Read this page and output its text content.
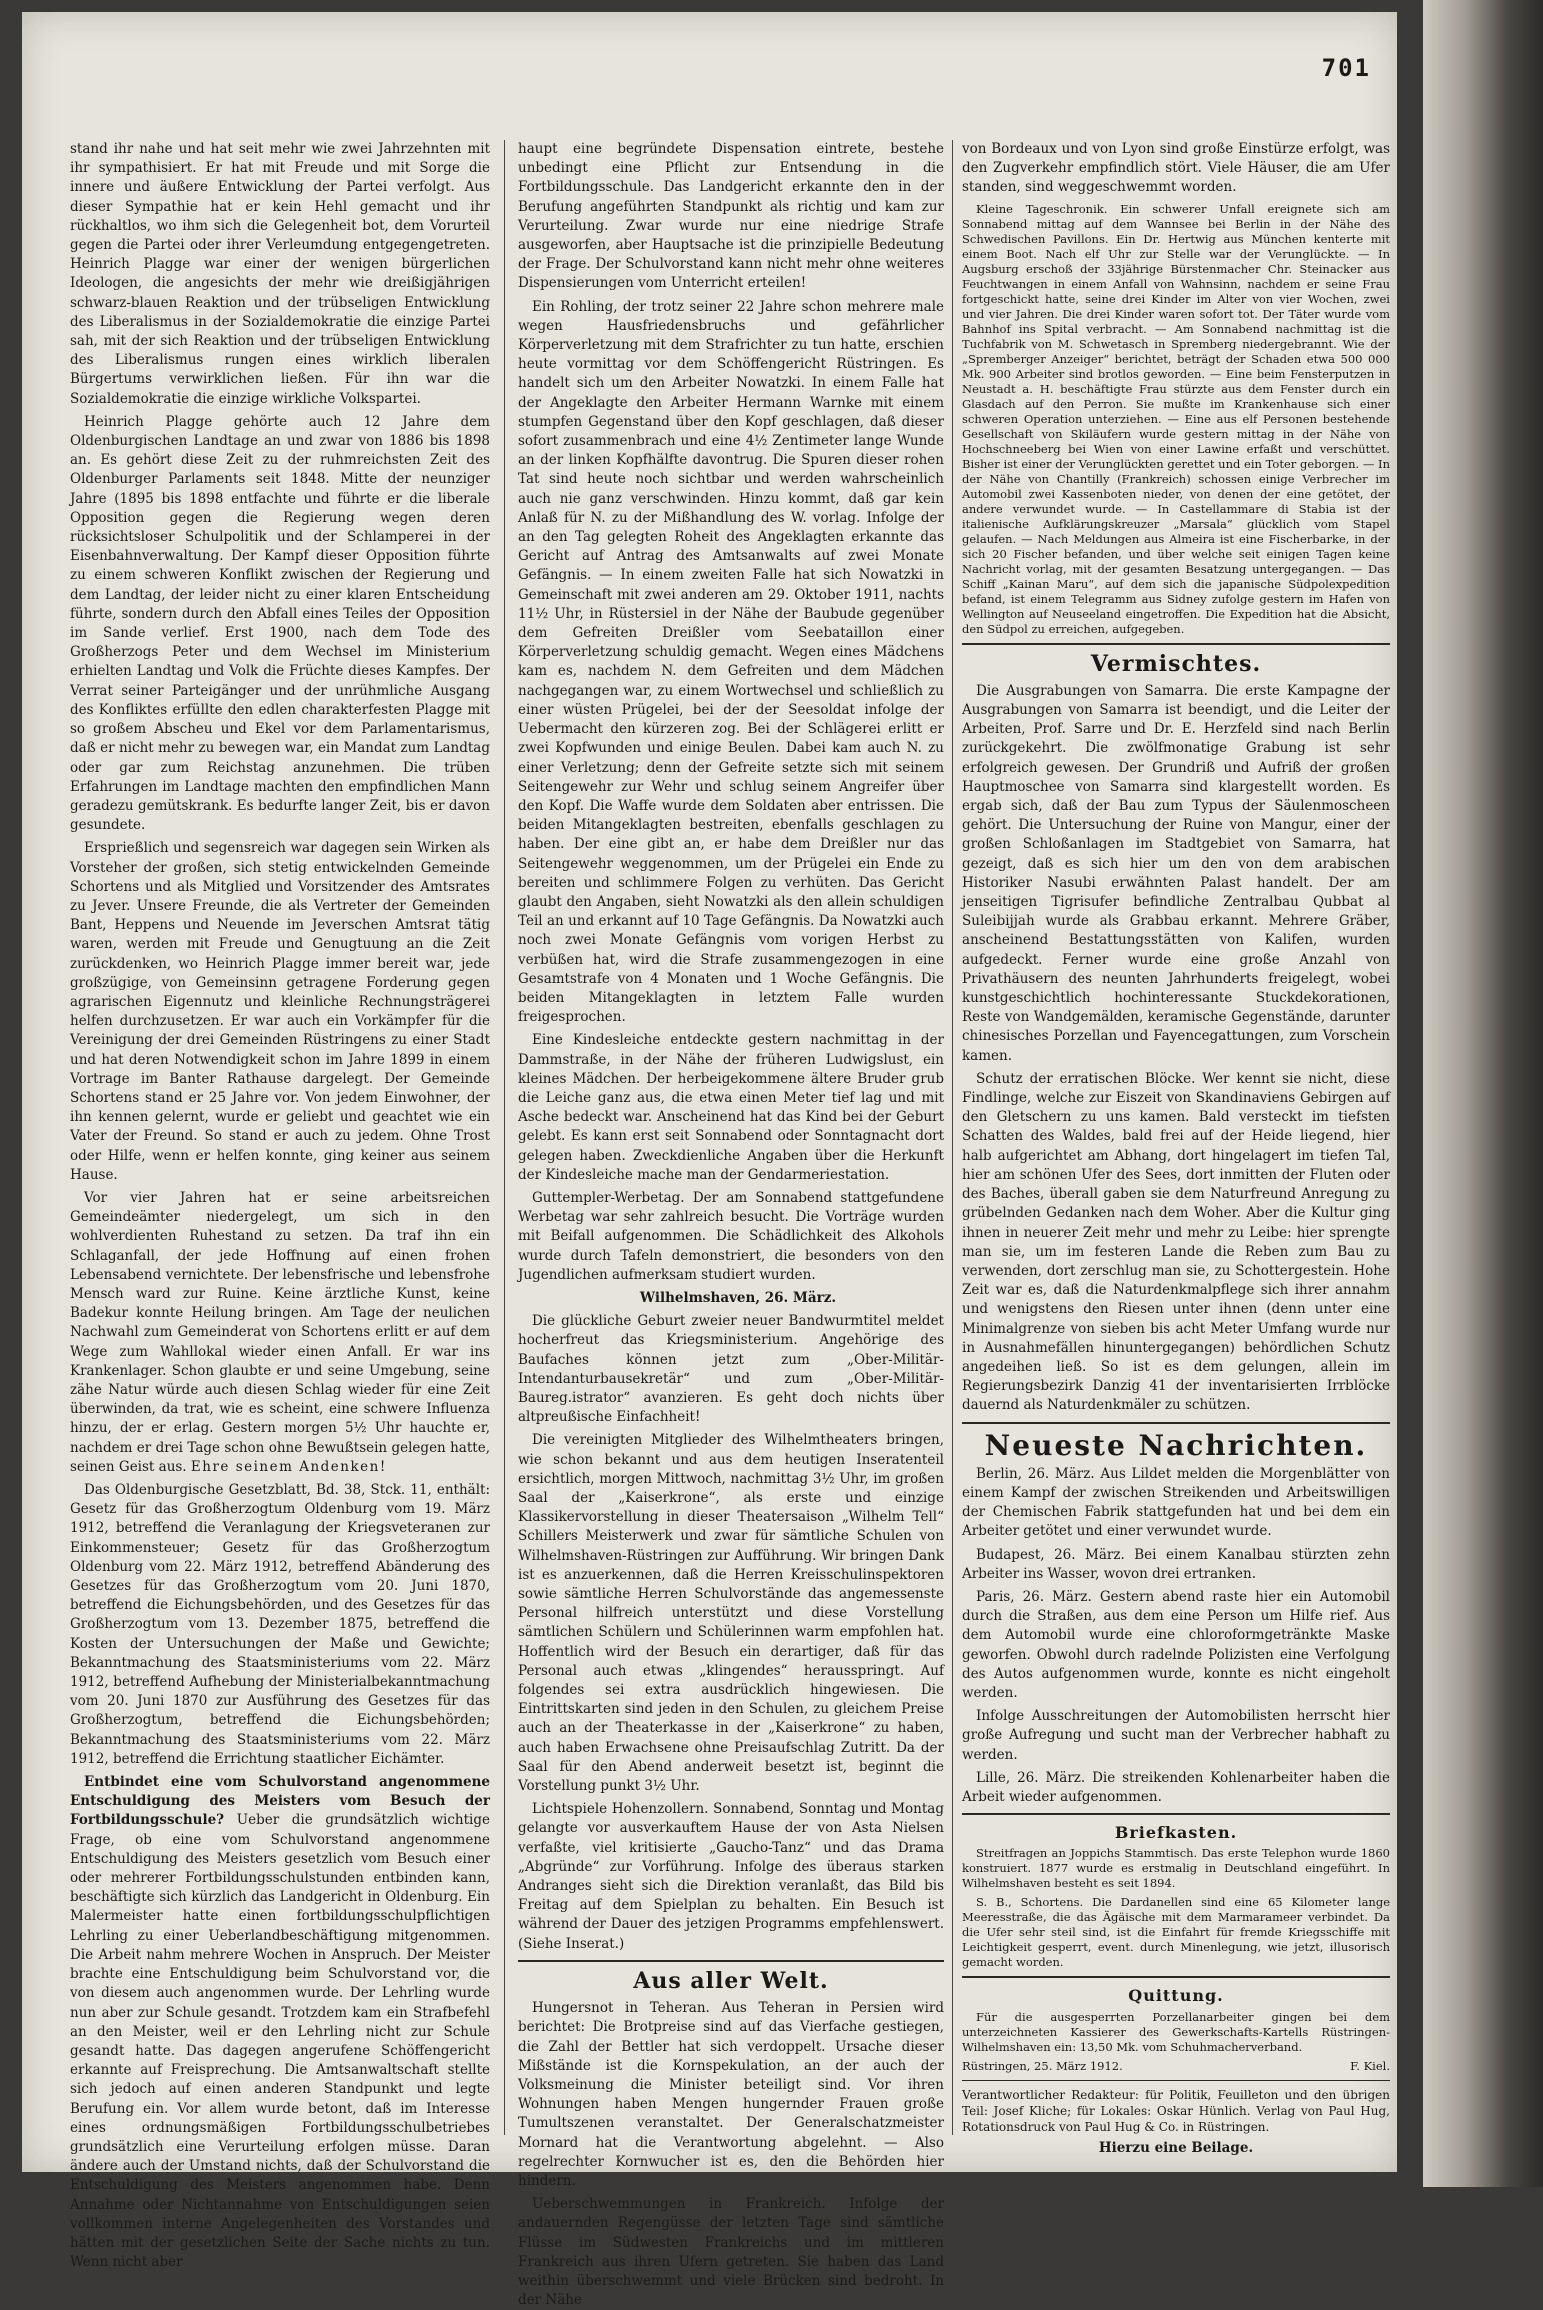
701

stand ihr nahe und hat seit mehr wie zwei Jahrzehnten mit ihr sympathisiert. Er hat mit Freude und mit Sorge die innere und äußere Entwicklung der Partei verfolgt. Aus dieser Sympathie hat er kein Hehl gemacht und ihr rückhaltlos, wo ihm sich die Gelegenheit bot, dem Vorurteil gegen die Partei oder ihrer Verleumdung entgegengetreten. Heinrich Plagge war einer der wenigen bürgerlichen Ideologen, die angesichts der mehr wie dreißigjährigen schwarz-blauen Reaktion und der trübseligen Entwicklung des Liberalismus in der Sozialdemokratie die einzige Partei sah, mit der sich Reaktion und der trübseligen Entwicklung des Liberalismus rungen eines wirklich liberalen Bürgertums verwirklichen ließen. Für ihn war die Sozialdemokratie die einzige wirkliche Volkspartei.

Heinrich Plagge gehörte auch 12 Jahre dem Oldenburgischen Landtage an und zwar von 1886 bis 1898 an. Es gehört diese Zeit zu der ruhmreichsten Zeit des Oldenburger Parlaments seit 1848. Mitte der neunziger Jahre (1895 bis 1898 entfachte und führte er die liberale Opposition gegen die Regierung wegen deren rücksichtsloser Schulpolitik und der Schlamperei in der Eisenbahnverwaltung. Der Kampf dieser Opposition führte zu einem schweren Konflikt zwischen der Regierung und dem Landtag, der leider nicht zu einer klaren Entscheidung führte, sondern durch den Abfall eines Teiles der Opposition im Sande verlief. Erst 1900, nach dem Tode des Großherzogs Peter und dem Wechsel im Ministerium erhielten Landtag und Volk die Früchte dieses Kampfes. Der Verrat seiner Parteigänger und der unrühmliche Ausgang des Konfliktes erfüllte den edlen charakterfesten Plagge mit so großem Abscheu und Ekel vor dem Parlamentarismus, daß er nicht mehr zu bewegen war, ein Mandat zum Landtag oder gar zum Reichstag anzunehmen. Die trüben Erfahrungen im Landtage machten den empfindlichen Mann geradezu gemütskrank. Es bedurfte langer Zeit, bis er davon gesundete.

Ersprießlich und segensreich war dagegen sein Wirken als Vorsteher der großen, sich stetig entwickelnden Gemeinde Schortens und als Mitglied und Vorsitzender des Amtsrates zu Jever. Unsere Freunde, die als Vertreter der Gemeinden Bant, Heppens und Neuende im Jeverschen Amtsrat tätig waren, werden mit Freude und Genugtuung an die Zeit zurückdenken, wo Heinrich Plagge immer bereit war, jede großzügige, von Gemeinsinn getragene Forderung gegen agrarischen Eigennutz und kleinliche Rechnungsträgerei helfen durchzusetzen. Er war auch ein Vorkämpfer für die Vereinigung der drei Gemeinden Rüstringens zu einer Stadt und hat deren Notwendigkeit schon im Jahre 1899 in einem Vortrage im Banter Rathause dargelegt. Der Gemeinde Schortens stand er 25 Jahre vor. Von jedem Einwohner, der ihn kennen gelernt, wurde er geliebt und geachtet wie ein Vater der Freund. So stand er auch zu jedem. Ohne Trost oder Hilfe, wenn er helfen konnte, ging keiner aus seinem Hause.

Vor vier Jahren hat er seine arbeitsreichen Gemeindeämter niedergelegt, um sich in den wohlverdienten Ruhestand zu setzen. Da traf ihn ein Schlaganfall, der jede Hoffnung auf einen frohen Lebensabend vernichtete. Der lebensfrische und lebensfrohe Mensch ward zur Ruine. Keine ärztliche Kunst, keine Badekur konnte Heilung bringen. Am Tage der neulichen Nachwahl zum Gemeinderat von Schortens erlitt er auf dem Wege zum Wahllokal wieder einen Anfall. Er war ins Krankenlager. Schon glaubte er und seine Umgebung, seine zähe Natur würde auch diesen Schlag wieder für eine Zeit überwinden, da trat, wie es scheint, eine schwere Influenza hinzu, der er erlag. Gestern morgen 5½ Uhr hauchte er, nachdem er drei Tage schon ohne Bewußtsein gelegen hatte, seinen Geist aus. Ehre seinem Andenken!

Das Oldenburgische Gesetzblatt, Bd. 38, Stck. 11, enthält: Gesetz für das Großherzogtum Oldenburg vom 19. März 1912, betreffend die Veranlagung der Kriegsveteranen zur Einkommensteuer; Gesetz für das Großherzogtum Oldenburg vom 22. März 1912, betreffend Abänderung des Gesetzes für das Großherzogtum vom 20. Juni 1870, betreffend die Eichungsbehörden, und des Gesetzes für das Großherzogtum vom 13. Dezember 1875, betreffend die Kosten der Untersuchungen der Maße und Gewichte; Bekanntmachung des Staatsministeriums vom 22. März 1912, betreffend Aufhebung der Ministerialbekanntmachung vom 20. Juni 1870 zur Ausführung des Gesetzes für das Großherzogtum, betreffend die Eichungsbehörden; Bekanntmachung des Staatsministeriums vom 22. März 1912, betreffend die Errichtung staatlicher Eichämter.

Entbindet eine vom Schulvorstand angenommene Entschuldigung des Meisters vom Besuch der Fortbildungsschule? Ueber die grundsätzlich wichtige Frage, ob eine vom Schulvorstand angenommene Entschuldigung des Meisters gesetzlich vom Besuch einer oder mehrerer Fortbildungsschulstunden entbinden kann, beschäftigte sich kürzlich das Landgericht in Oldenburg. Ein Malermeister hatte einen fortbildungsschulpflichtigen Lehrling zu einer Ueberlandbeschäftigung mitgenommen. Die Arbeit nahm mehrere Wochen in Anspruch. Der Meister brachte eine Entschuldigung beim Schulvorstand vor, die von diesem auch angenommen wurde. Der Lehrling wurde nun aber zur Schule gesandt. Trotzdem kam ein Strafbefehl an den Meister, weil er den Lehrling nicht zur Schule gesandt hatte. Das dagegen angerufene Schöffengericht erkannte auf Freisprechung. Die Amtsanwaltschaft stellte sich jedoch auf einen anderen Standpunkt und legte Berufung ein. Vor allem wurde betont, daß im Interesse eines ordnungsmäßigen Fortbildungsschulbetriebes grundsätzlich eine Verurteilung erfolgen müsse. Daran ändere auch der Umstand nichts, daß der Schulvorstand die Entschuldigung des Meisters angenommen habe. Denn Annahme oder Nichtannahme von Entschuldigungen seien vollkommen interne Angelegenheiten des Vorstandes und hätten mit der gesetzlichen Seite der Sache nichts zu tun. Wenn nicht aber

haupt eine begründete Dispensation eintrete, bestehe unbedingt eine Pflicht zur Entsendung in die Fortbildungsschule. Das Landgericht erkannte den in der Berufung angeführten Standpunkt als richtig und kam zur Verurteilung. Zwar wurde nur eine niedrige Strafe ausgeworfen, aber Hauptsache ist die prinzipielle Bedeutung der Frage. Der Schulvorstand kann nicht mehr ohne weiteres Dispensierungen vom Unterricht erteilen!

Ein Rohling, der trotz seiner 22 Jahre schon mehrere male wegen Hausfriedensbruchs und gefährlicher Körperverletzung mit dem Strafrichter zu tun hatte, erschien heute vormittag vor dem Schöffengericht Rüstringen. Es handelt sich um den Arbeiter Nowatzki. In einem Falle hat der Angeklagte den Arbeiter Hermann Warnke mit einem stumpfen Gegenstand über den Kopf geschlagen, daß dieser sofort zusammenbrach und eine 4½ Zentimeter lange Wunde an der linken Kopfhälfte davontrug. Die Spuren dieser rohen Tat sind heute noch sichtbar und werden wahrscheinlich auch nie ganz verschwinden. Hinzu kommt, daß gar kein Anlaß für N. zu der Mißhandlung des W. vorlag. Infolge der an den Tag gelegten Roheit des Angeklagten erkannte das Gericht auf Antrag des Amtsanwalts auf zwei Monate Gefängnis. — In einem zweiten Falle hat sich Nowatzki in Gemeinschaft mit zwei anderen am 29. Oktober 1911, nachts 11½ Uhr, in Rüstersiel in der Nähe der Baubude gegenüber dem Gefreiten Dreißler vom Seebataillon einer Körperverletzung schuldig gemacht. Wegen eines Mädchens kam es, nachdem N. dem Gefreiten und dem Mädchen nachgegangen war, zu einem Wortwechsel und schließlich zu einer wüsten Prügelei, bei der der Seesoldat infolge der Uebermacht den kürzeren zog. Bei der Schlägerei erlitt er zwei Kopfwunden und einige Beulen. Dabei kam auch N. zu einer Verletzung; denn der Gefreite setzte sich mit seinem Seitengewehr zur Wehr und schlug seinem Angreifer über den Kopf. Die Waffe wurde dem Soldaten aber entrissen. Die beiden Mitangeklagten bestreiten, ebenfalls geschlagen zu haben. Der eine gibt an, er habe dem Dreißler nur das Seitengewehr weggenommen, um der Prügelei ein Ende zu bereiten und schlimmere Folgen zu verhüten. Das Gericht glaubt den Angaben, sieht Nowatzki als den allein schuldigen Teil an und erkannt auf 10 Tage Gefängnis. Da Nowatzki auch noch zwei Monate Gefängnis vom vorigen Herbst zu verbüßen hat, wird die Strafe zusammengezogen in eine Gesamtstrafe von 4 Monaten und 1 Woche Gefängnis. Die beiden Mitangeklagten in letztem Falle wurden freigesprochen.

Eine Kindesleiche entdeckte gestern nachmittag in der Dammstraße, in der Nähe der früheren Ludwigslust, ein kleines Mädchen. Der herbeigekommene ältere Bruder grub die Leiche ganz aus, die etwa einen Meter tief lag und mit Asche bedeckt war. Anscheinend hat das Kind bei der Geburt gelebt. Es kann erst seit Sonnabend oder Sonntagnacht dort gelegen haben. Zweckdienliche Angaben über die Herkunft der Kindesleiche mache man der Gendarmeriestation.

Guttempler-Werbetag. Der am Sonnabend stattgefundene Werbetag war sehr zahlreich besucht. Die Vorträge wurden mit Beifall aufgenommen. Die Schädlichkeit des Alkohols wurde durch Tafeln demonstriert, die besonders von den Jugendlichen aufmerksam studiert wurden.

Wilhelmshaven, 26. März.

Die glückliche Geburt zweier neuer Bandwurmtitel meldet hocherfreut das Kriegsministerium. Angehörige des Baufaches können jetzt zum „Ober-Militär-Intendanturbausekretär“ und zum „Ober-Militär-Baureg.istrator“ avanzieren. Es geht doch nichts über altpreußische Einfachheit!

Die vereinigten Mitglieder des Wilhelmtheaters bringen, wie schon bekannt und aus dem heutigen Inseratenteil ersichtlich, morgen Mittwoch, nachmittag 3½ Uhr, im großen Saal der „Kaiserkrone“, als erste und einzige Klassikervorstellung in dieser Theatersaison „Wilhelm Tell“ Schillers Meisterwerk und zwar für sämtliche Schulen von Wilhelmshaven-Rüstringen zur Aufführung. Wir bringen Dank ist es anzuerkennen, daß die Herren Kreisschulinspektoren sowie sämtliche Herren Schulvorstände das angemessenste Personal hilfreich unterstützt und diese Vorstellung sämtlichen Schülern und Schülerinnen warm empfohlen hat. Hoffentlich wird der Besuch ein derartiger, daß für das Personal auch etwas „klingendes“ herausspringt. Auf folgendes sei extra ausdrücklich hingewiesen. Die Eintrittskarten sind jeden in den Schulen, zu gleichem Preise auch an der Theaterkasse in der „Kaiserkrone“ zu haben, auch haben Erwachsene ohne Preisaufschlag Zutritt. Da der Saal für den Abend anderweit besetzt ist, beginnt die Vorstellung punkt 3½ Uhr.

Lichtspiele Hohenzollern. Sonnabend, Sonntag und Montag gelangte vor ausverkauftem Hause der von Asta Nielsen verfaßte, viel kritisierte „Gaucho-Tanz“ und das Drama „Abgründe“ zur Vorführung. Infolge des überaus starken Andranges sieht sich die Direktion veranlaßt, das Bild bis Freitag auf dem Spielplan zu behalten. Ein Besuch ist während der Dauer des jetzigen Programms empfehlenswert. (Siehe Inserat.)

Aus aller Welt.

Hungersnot in Teheran. Aus Teheran in Persien wird berichtet: Die Brotpreise sind auf das Vierfache gestiegen, die Zahl der Bettler hat sich verdoppelt. Ursache dieser Mißstände ist die Kornspekulation, an der auch der Volksmeinung die Minister beteiligt sind. Vor ihren Wohnungen haben Mengen hungernder Frauen große Tumultszenen veranstaltet. Der Generalschatzmeister Mornard hat die Verantwortung abgelehnt. — Also regelrechter Kornwucher ist es, den die Behörden hier hindern.

Ueberschwemmungen in Frankreich. Infolge der andauernden Regengüsse der letzten Tage sind sämtliche Flüsse im Südwesten Frankreichs und im mittleren Frankreich aus ihren Ufern getreten. Sie haben das Land weithin überschwemmt und viele Brücken sind bedroht. In der Nähe

von Bordeaux und von Lyon sind große Einstürze erfolgt, was den Zugverkehr empfindlich stört. Viele Häuser, die am Ufer standen, sind weggeschwemmt worden.

Kleine Tageschronik. Ein schwerer Unfall ereignete sich am Sonnabend mittag auf dem Wannsee bei Berlin in der Nähe des Schwedischen Pavillons. Ein Dr. Hertwig aus München kenterte mit einem Boot. Nach elf Uhr zur Stelle war der Verunglückte. — In Augsburg erschoß der 33jährige Bürstenmacher Chr. Steinacker aus Feuchtwangen in einem Anfall von Wahnsinn, nachdem er seine Frau fortgeschickt hatte, seine drei Kinder im Alter von vier Wochen, zwei und vier Jahren. Die drei Kinder waren sofort tot. Der Täter wurde vom Bahnhof ins Spital verbracht. — Am Sonnabend nachmittag ist die Tuchfabrik von M. Schwetasch in Spremberg niedergebrannt. Wie der „Spremberger Anzeiger“ berichtet, beträgt der Schaden etwa 500 000 Mk. 900 Arbeiter sind brotlos geworden. — Eine beim Fensterputzen in Neustadt a. H. beschäftigte Frau stürzte aus dem Fenster durch ein Glasdach auf den Perron. Sie mußte im Krankenhause sich einer schweren Operation unterziehen. — Eine aus elf Personen bestehende Gesellschaft von Skiläufern wurde gestern mittag in der Nähe von Hochschneeberg bei Wien von einer Lawine erfaßt und verschüttet. Bisher ist einer der Verunglückten gerettet und ein Toter geborgen. — In der Nähe von Chantilly (Frankreich) schossen einige Verbrecher im Automobil zwei Kassenboten nieder, von denen der eine getötet, der andere verwundet wurde. — In Castellammare di Stabia ist der italienische Aufklärungskreuzer „Marsala“ glücklich vom Stapel gelaufen. — Nach Meldungen aus Almeira ist eine Fischerbarke, in der sich 20 Fischer befanden, und über welche seit einigen Tagen keine Nachricht vorlag, mit der gesamten Besatzung untergegangen. — Das Schiff „Kainan Maru“, auf dem sich die japanische Südpolexpedition befand, ist einem Telegramm aus Sidney zufolge gestern im Hafen von Wellington auf Neuseeland eingetroffen. Die Expedition hat die Absicht, den Südpol zu erreichen, aufgegeben.

Vermischtes.

Die Ausgrabungen von Samarra. Die erste Kampagne der Ausgrabungen von Samarra ist beendigt, und die Leiter der Arbeiten, Prof. Sarre und Dr. E. Herzfeld sind nach Berlin zurückgekehrt. Die zwölfmonatige Grabung ist sehr erfolgreich gewesen. Der Grundriß und Aufriß der großen Hauptmoschee von Samarra sind klargestellt worden. Es ergab sich, daß der Bau zum Typus der Säulenmoscheen gehört. Die Untersuchung der Ruine von Mangur, einer der großen Schloßanlagen im Stadtgebiet von Samarra, hat gezeigt, daß es sich hier um den von dem arabischen Historiker Nasubi erwähnten Palast handelt. Der am jenseitigen Tigrisufer befindliche Zentralbau Qubbat al Suleibijjah wurde als Grabbau erkannt. Mehrere Gräber, anscheinend Bestattungsstätten von Kalifen, wurden aufgedeckt. Ferner wurde eine große Anzahl von Privathäusern des neunten Jahrhunderts freigelegt, wobei kunstgeschichtlich hochinteressante Stuckdekorationen, Reste von Wandgemälden, keramische Gegenstände, darunter chinesisches Porzellan und Fayencegattungen, zum Vorschein kamen.

Schutz der erratischen Blöcke. Wer kennt sie nicht, diese Findlinge, welche zur Eiszeit von Skandinaviens Gebirgen auf den Gletschern zu uns kamen. Bald versteckt im tiefsten Schatten des Waldes, bald frei auf der Heide liegend, hier halb aufgerichtet am Abhang, dort hingelagert im tiefen Tal, hier am schönen Ufer des Sees, dort inmitten der Fluten oder des Baches, überall gaben sie dem Naturfreund Anregung zu grübelnden Gedanken nach dem Woher. Aber die Kultur ging ihnen in neuerer Zeit mehr und mehr zu Leibe: hier sprengte man sie, um im festeren Lande die Reben zum Bau zu verwenden, dort zerschlug man sie, zu Schottergestein. Hohe Zeit war es, daß die Naturdenkmalpflege sich ihrer annahm und wenigstens den Riesen unter ihnen (denn unter eine Minimalgrenze von sieben bis acht Meter Umfang wurde nur in Ausnahmefällen hinuntergegangen) behördlichen Schutz angedeihen ließ. So ist es dem gelungen, allein im Regierungsbezirk Danzig 41 der inventarisierten Irrblöcke dauernd als Naturdenkmäler zu schützen.

Neueste Nachrichten.

Berlin, 26. März. Aus Lildet melden die Morgenblätter von einem Kampf der zwischen Streikenden und Arbeitswilligen der Chemischen Fabrik stattgefunden hat und bei dem ein Arbeiter getötet und einer verwundet wurde.

Budapest, 26. März. Bei einem Kanalbau stürzten zehn Arbeiter ins Wasser, wovon drei ertranken.

Paris, 26. März. Gestern abend raste hier ein Automobil durch die Straßen, aus dem eine Person um Hilfe rief. Aus dem Automobil wurde eine chloroformgetränkte Maske geworfen. Obwohl durch radelnde Polizisten eine Verfolgung des Autos aufgenommen wurde, konnte es nicht eingeholt werden.

Infolge Ausschreitungen der Automobilisten herrscht hier große Aufregung und sucht man der Verbrecher habhaft zu werden.

Lille, 26. März. Die streikenden Kohlenarbeiter haben die Arbeit wieder aufgenommen.

Briefkasten.

Streitfragen an Joppichs Stammtisch. Das erste Telephon wurde 1860 konstruiert. 1877 wurde es erstmalig in Deutschland eingeführt. In Wilhelmshaven besteht es seit 1894.

S. B., Schortens. Die Dardanellen sind eine 65 Kilometer lange Meeresstraße, die das Ägäische mit dem Marmarameer verbindet. Da die Ufer sehr steil sind, ist die Einfahrt für fremde Kriegsschiffe mit Leichtigkeit gesperrt, event. durch Minenlegung, wie jetzt, illusorisch gemacht worden.

Quittung.

Für die ausgesperrten Porzellanarbeiter gingen bei dem unterzeichneten Kassierer des Gewerkschafts-Kartells Rüstringen-Wilhelmshaven ein: 13,50 Mk. vom Schuhmacherverband.

Rüstringen, 25. März 1912.	F. Kiel.

Verantwortlicher Redakteur: für Politik, Feuilleton und den übrigen Teil: Josef Kliche; für Lokales: Oskar Hünlich. Verlag von Paul Hug, Rotationsdruck von Paul Hug & Co. in Rüstringen.

Hierzu eine Beilage.
